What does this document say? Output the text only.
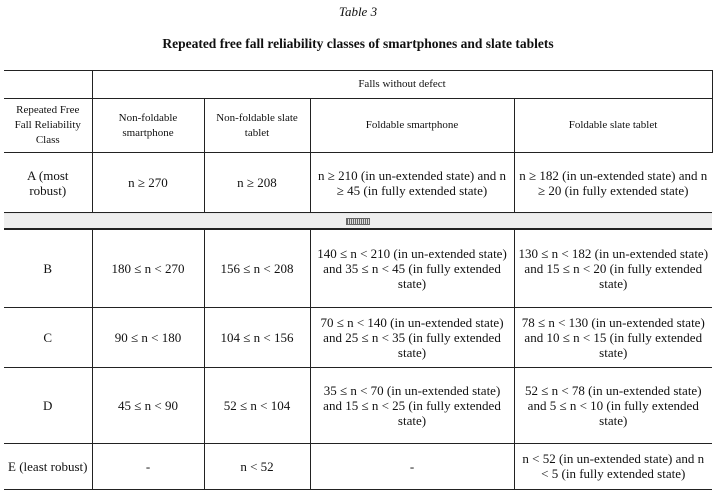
Table 3
Repeated free fall reliability classes of smartphones and slate tablets
	Falls without defect			
Repeated Free Fall Reliability Class	Non-foldable smartphone	Non-foldable slate tablet	Foldable smartphone	Foldable slate tablet
A (most robust)	n ≥ 270	n ≥ 208	n ≥ 210 (in un-extended state) and n ≥ 45 (in fully extended state)	n ≥ 182 (in un-extended state) and n ≥ 20 (in fully extended state)

B	180 ≤ n < 270	156 ≤ n < 208	140 ≤ n < 210 (in un-extended state) and 35 ≤ n < 45 (in fully extended state)	130 ≤ n < 182 (in un-extended state) and 15 ≤ n < 20 (in fully extended state)
C	90 ≤ n < 180	104 ≤ n < 156	70 ≤ n < 140 (in un-extended state) and 25 ≤ n < 35 (in fully extended state)	78 ≤ n < 130 (in un-extended state) and 10 ≤ n < 15 (in fully extended state)
D	45 ≤ n < 90	52 ≤ n < 104	35 ≤ n < 70 (in un-extended state) and 15 ≤ n < 25 (in fully extended state)	52 ≤ n < 78 (in un-extended state) and 5 ≤ n < 10 (in fully extended state)
E (least robust)	-	n < 52	-	n < 52 (in un-extended state) and n < 5 (in fully extended state)
